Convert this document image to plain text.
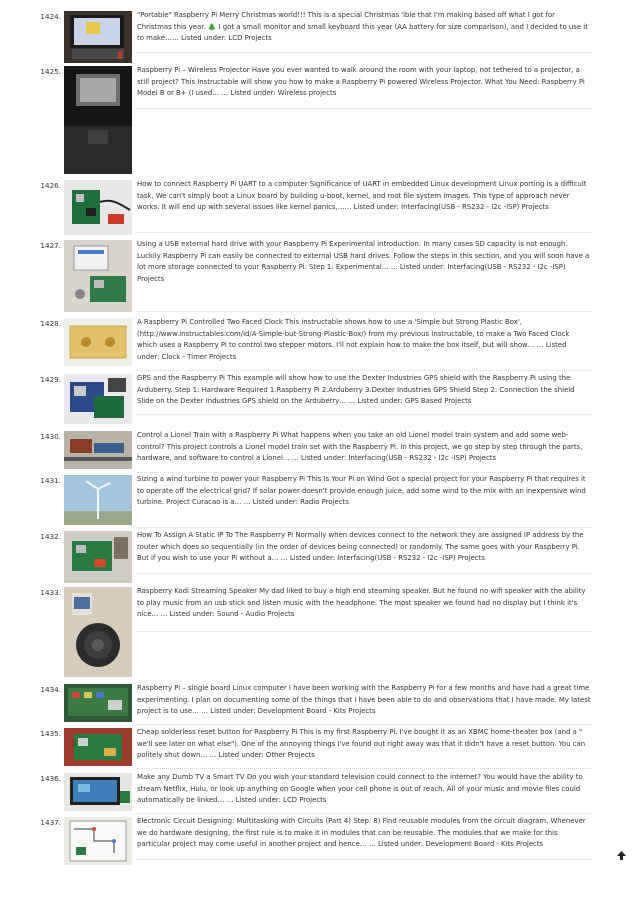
1424.	"Portable" Raspberry Pi Merry Christmas world!!! This is a special Christmas 'ible that I'm making based off what I got for Christmas this year. 🎄 I got a small monitor and small keyboard this year (AA battery for size comparison), and I decided to use it to make…… Listed under: LCD Projects
1425.	Raspberry Pi – Wireless Projector Have you ever wanted to walk around the room with your laptop, not tethered to a projector, a still project? This Instructable will show you how to make a Raspberry Pi powered Wireless Projector. What You Need: Raspberry Pi Model B or B+ (I used… … Listed under: Wireless projects
1426.	How to connect Raspberry Pi UART to a computer Significance of UART in embedded Linux development Linux porting is a difficult task. We can't simply boot a Linux board by building u-boot, kernel, and root file system images. This type of approach never works. It will end up with several issues like kernel panics,…… Listed under: Interfacing(USB - RS232 - I2c -ISP) Projects
1427.	Using a USB external hard drive with your Raspberry Pi Experimental introduction: In many cases SD capacity is not enough. Luckily Raspberry Pi can easily be connected to external USB hard drives. Follow the steps in this section, and you will soon have a lot more storage connected to your Raspberry Pi. Step 1: Experimental… … Listed under: Interfacing(USB - RS232 - I2c -ISP) Projects
1428.	A Raspberry Pi Controlled Two Faced Clock This instructable shows how to use a 'Simple but Strong Plastic Box', (http://www.instructables.com/id/A-Simple-but-Strong-Plastic-Box/) from my previous Instructable, to make a Two Faced Clock which uses a Raspberry Pi to control two stepper motors. I'll not explain how to make the box itself, but will show… … Listed under: Clock - Timer Projects
1429.	GPS and the Raspberry Pi This example will show how to use the Dexter Industries GPS shield with the Raspberry Pi using the Arduberry. Step 1: Hardware Required 1.Raspberry Pi 2.Arduberry 3.Dexter Industries GPS Shield Step 2: Connection the shield Slide on the Dexter Industries GPS shield on the Arduberry… … Listed under: GPS Based Projects
1430.	Control a Lionel Train with a Raspberry Pi What happens when you take an old Lionel model train system and add some web-control? This project controls a Lionel model train set with the Raspberry Pi. In this project, we go step by step through the parts, hardware, and software to control a Lionel… … Listed under: Interfacing(USB - RS232 - I2c -ISP) Projects
1431.	Sizing a wind turbine to power your Raspberry Pi This Is Your Pi on Wind Got a special project for your Raspberry Pi that requires it to operate off the electrical grid? If solar power doesn't provide enough juice, add some wind to the mix with an inexpensive wind turbine. Project Curacao is a… … Listed under: Radio Projects
1432.	How To Assign A Static IP To The Raspberry Pi Normally when devices connect to the network they are assigned IP address by the router which does so sequentially (in the order of devices being connected) or randomly. The same goes with your Raspberry Pi. But if you wish to use your Pi without a… … Listed under: Interfacing(USB - RS232 - I2c -ISP) Projects
1433.	Raspberry Kodi Streaming Speaker My dad liked to buy a high end steaming speaker. But he found no wifi speaker with the ability to play music from an usb stick and listen music with the headphone. The most speaker we found had no display but I think it's nice… … Listed under: Sound - Audio Projects
1434.	Raspberry Pi – single board Linux computer I have been working with the Raspberry Pi for a few months and have had a great time experimenting. I plan on documenting some of the things that I have been able to do and observations that I have made. My latest project is to use… … Listed under: Development Board - Kits Projects
1435.	Cheap solderless reset button for Raspberry Pi This is my first Raspberry Pi. I've bought it as an XBMC home-theater box (and a " we'll see later on what else"). One of the annoying things I've found out right away was that it didn't have a reset button. You can politely shut down… … Listed under: Other Projects
1436.	Make any Dumb TV a Smart TV Do you wish your standard television could connect to the internet? You would have the ability to stream Netflix, Hulu, or look up anything on Google when your cell phone is out of reach. All of your music and movie files could automatically be linked… … Listed under: LCD Projects
1437.	Electronic Circuit Designing: Multitasking with Circuits (Part 4) Step: 8) Find reusable modules from the circuit diagram. Whenever we do hardware designing, the first rule is to make it in modules that can be reusable. The modules that we make for this particular project may come useful in another project and hence… … Listed under: Development Board - Kits Projects
